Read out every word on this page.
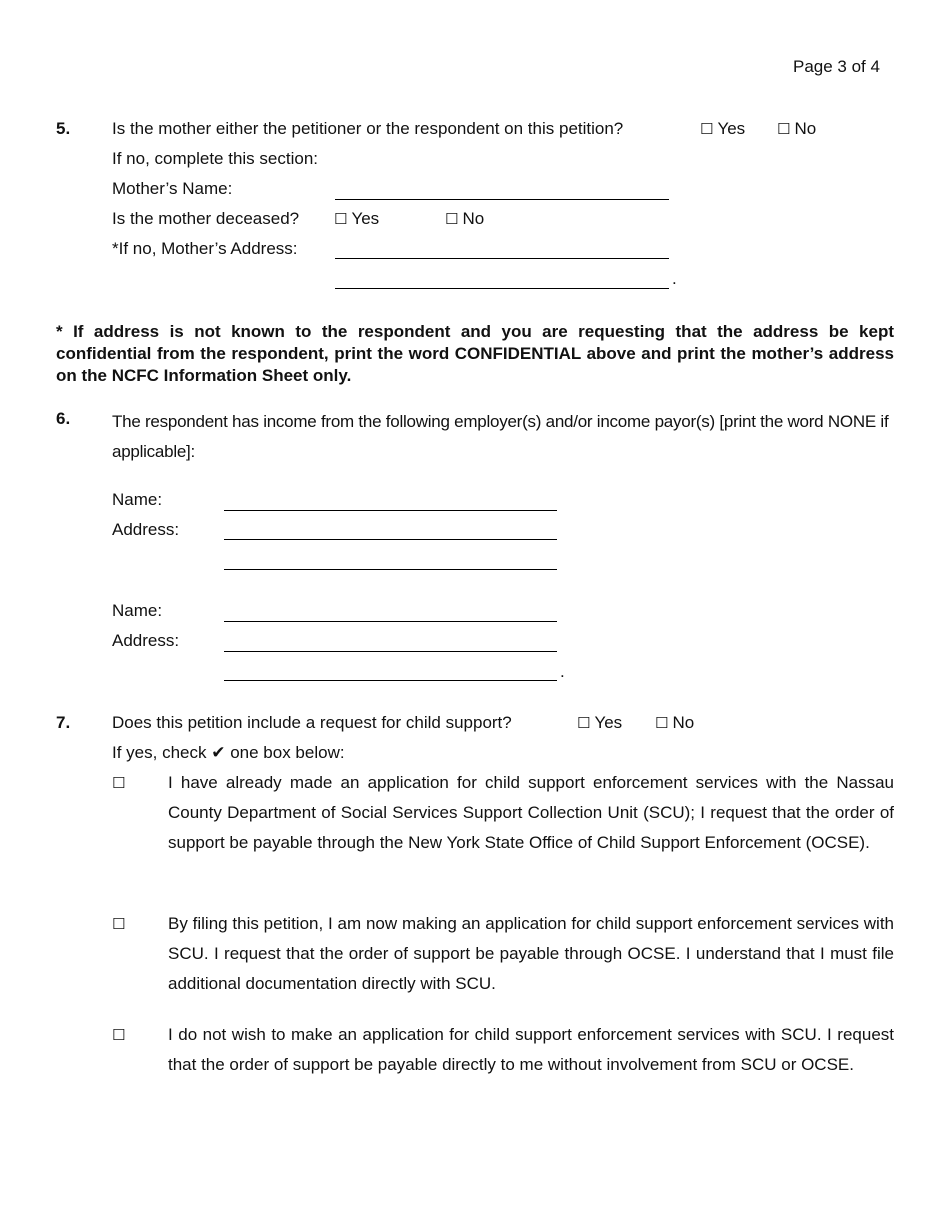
Page 3 of 4
5. Is the mother either the petitioner or the respondent on this petition?	☐ Yes ☐ No
If no, complete this section:
Mother’s Name:
Is the mother deceased? ☐ Yes	☐ No
*If no, Mother’s Address:
.
* If address is not known to the respondent and you are requesting that the address be kept confidential from the respondent, print the word CONFIDENTIAL above and print the mother’s address on the NCFC Information Sheet only.
6. The respondent has income from the following employer(s) and/or income payor(s) [print the word NONE if applicable]:
Name:
Address:
Name:
Address:
.
7. Does this petition include a request for child support?	☐ Yes ☐ No
If yes, check ✔ one box below:
☐	I have already made an application for child support enforcement services with the Nassau County Department of Social Services Support Collection Unit (SCU); I request that the order of support be payable through the New York State Office of Child Support Enforcement (OCSE).
☐	By filing this petition, I am now making an application for child support enforcement services with SCU. I request that the order of support be payable through OCSE. I understand that I must file additional documentation directly with SCU.
☐	I do not wish to make an application for child support enforcement services with SCU. I request that the order of support be payable directly to me without involvement from SCU or OCSE.
